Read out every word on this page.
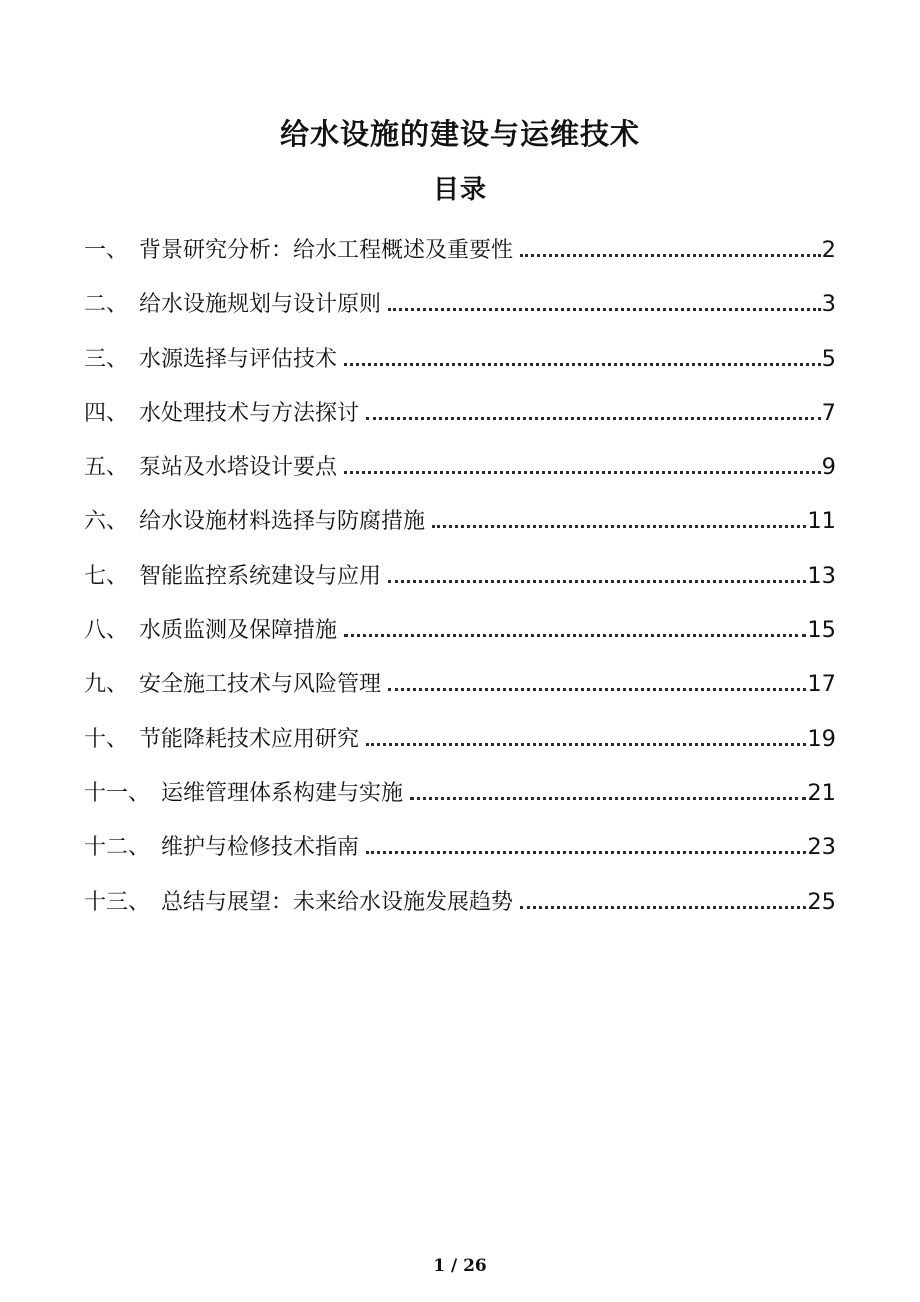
给水设施的建设与运维技术
目录
一、 背景研究分析：给水工程概述及重要性	2
二、 给水设施规划与设计原则	3
三、 水源选择与评估技术	5
四、 水处理技术与方法探讨	7
五、 泵站及水塔设计要点	9
六、 给水设施材料选择与防腐措施	11
七、 智能监控系统建设与应用	13
八、 水质监测及保障措施	15
九、 安全施工技术与风险管理	17
十、 节能降耗技术应用研究	19
十一、 运维管理体系构建与实施	21
十二、 维护与检修技术指南	23
十三、 总结与展望：未来给水设施发展趋势	25
1 / 26
